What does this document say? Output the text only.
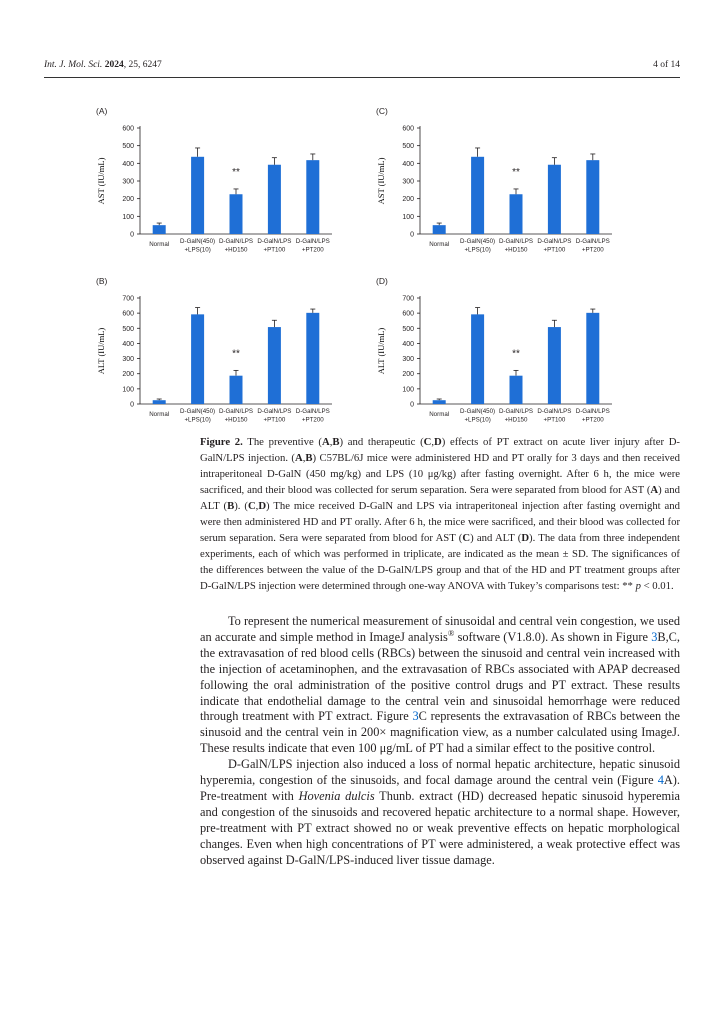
Int. J. Mol. Sci. 2024, 25, 6247	4 of 14
(A)
0
100
200
300
400
500
600
AST (IU/mL)
Normal D-GalN(450)
+LPS(10)
**
D-GalN/LPS
+HD150
D-GalN/LPS
+PT100
D-GalN/LPS
+PT200
(C)
0
100
200
300
400
500
600
AST (IU/mL)
Normal D-GalN(450)
+LPS(10)
**
D-GalN/LPS
+HD150
D-GalN/LPS
+PT100
D-GalN/LPS
+PT200
(B)
0
100
200
300
400
500
600
700
ALT (IU/mL)
Normal D-GalN(450)
+LPS(10)
**
D-GalN/LPS
+HD150
D-GalN/LPS
+PT100
D-GalN/LPS
+PT200
(D)
0
100
200
300
400
500
600
700
ALT (IU/mL)
Normal D-GalN(450)
+LPS(10)
**
D-GalN/LPS
+HD150
D-GalN/LPS
+PT100
D-GalN/LPS
+PT200
Figure 2. The preventive (A,B) and therapeutic (C,D) effects of PT extract on acute liver injury after D-GalN/LPS injection. (A,B) C57BL/6J mice were administered HD and PT orally for 3 days and then received intraperitoneal D-GalN (450 mg/kg) and LPS (10 μg/kg) after fasting overnight. After 6 h, the mice were sacrificed, and their blood was collected for serum separation. Sera were separated from blood for AST (A) and ALT (B). (C,D) The mice received D-GalN and LPS via intraperitoneal injection after fasting overnight and were then administered HD and PT orally. After 6 h, the mice were sacrificed, and their blood was collected for serum separation. Sera were separated from blood for AST (C) and ALT (D). The data from three independent experiments, each of which was performed in triplicate, are indicated as the mean ± SD. The significances of the differences between the value of the D-GalN/LPS group and that of the HD and PT treatment groups after D-GalN/LPS injection were determined through one-way ANOVA with Tukey’s comparisons test: ** p < 0.01.

To represent the numerical measurement of sinusoidal and central vein congestion, we used an accurate and simple method in ImageJ analysis® software (V1.8.0). As shown in Figure 3B,C, the extravasation of red blood cells (RBCs) between the sinusoid and central vein increased with the injection of acetaminophen, and the extravasation of RBCs associated with APAP decreased following the oral administration of the positive control drugs and PT extract. These results indicate that endothelial damage to the central vein and sinusoidal hemorrhage were reduced through treatment with PT extract. Figure 3C represents the extravasation of RBCs between the sinusoid and the central vein in 200× magnification view, as a number calculated using ImageJ. These results indicate that even 100 μg/mL of PT had a similar effect to the positive control.

D-GalN/LPS injection also induced a loss of normal hepatic architecture, hepatic sinusoid hyperemia, congestion of the sinusoids, and focal damage around the central vein (Figure 4A). Pre-treatment with Hovenia dulcis Thunb. extract (HD) decreased hepatic sinusoid hyperemia and congestion of the sinusoids and recovered hepatic architecture to a normal shape. However, pre-treatment with PT extract showed no or weak preventive effects on hepatic morphological changes. Even when high concentrations of PT were administered, a weak protective effect was observed against D-GalN/LPS-induced liver tissue damage.
